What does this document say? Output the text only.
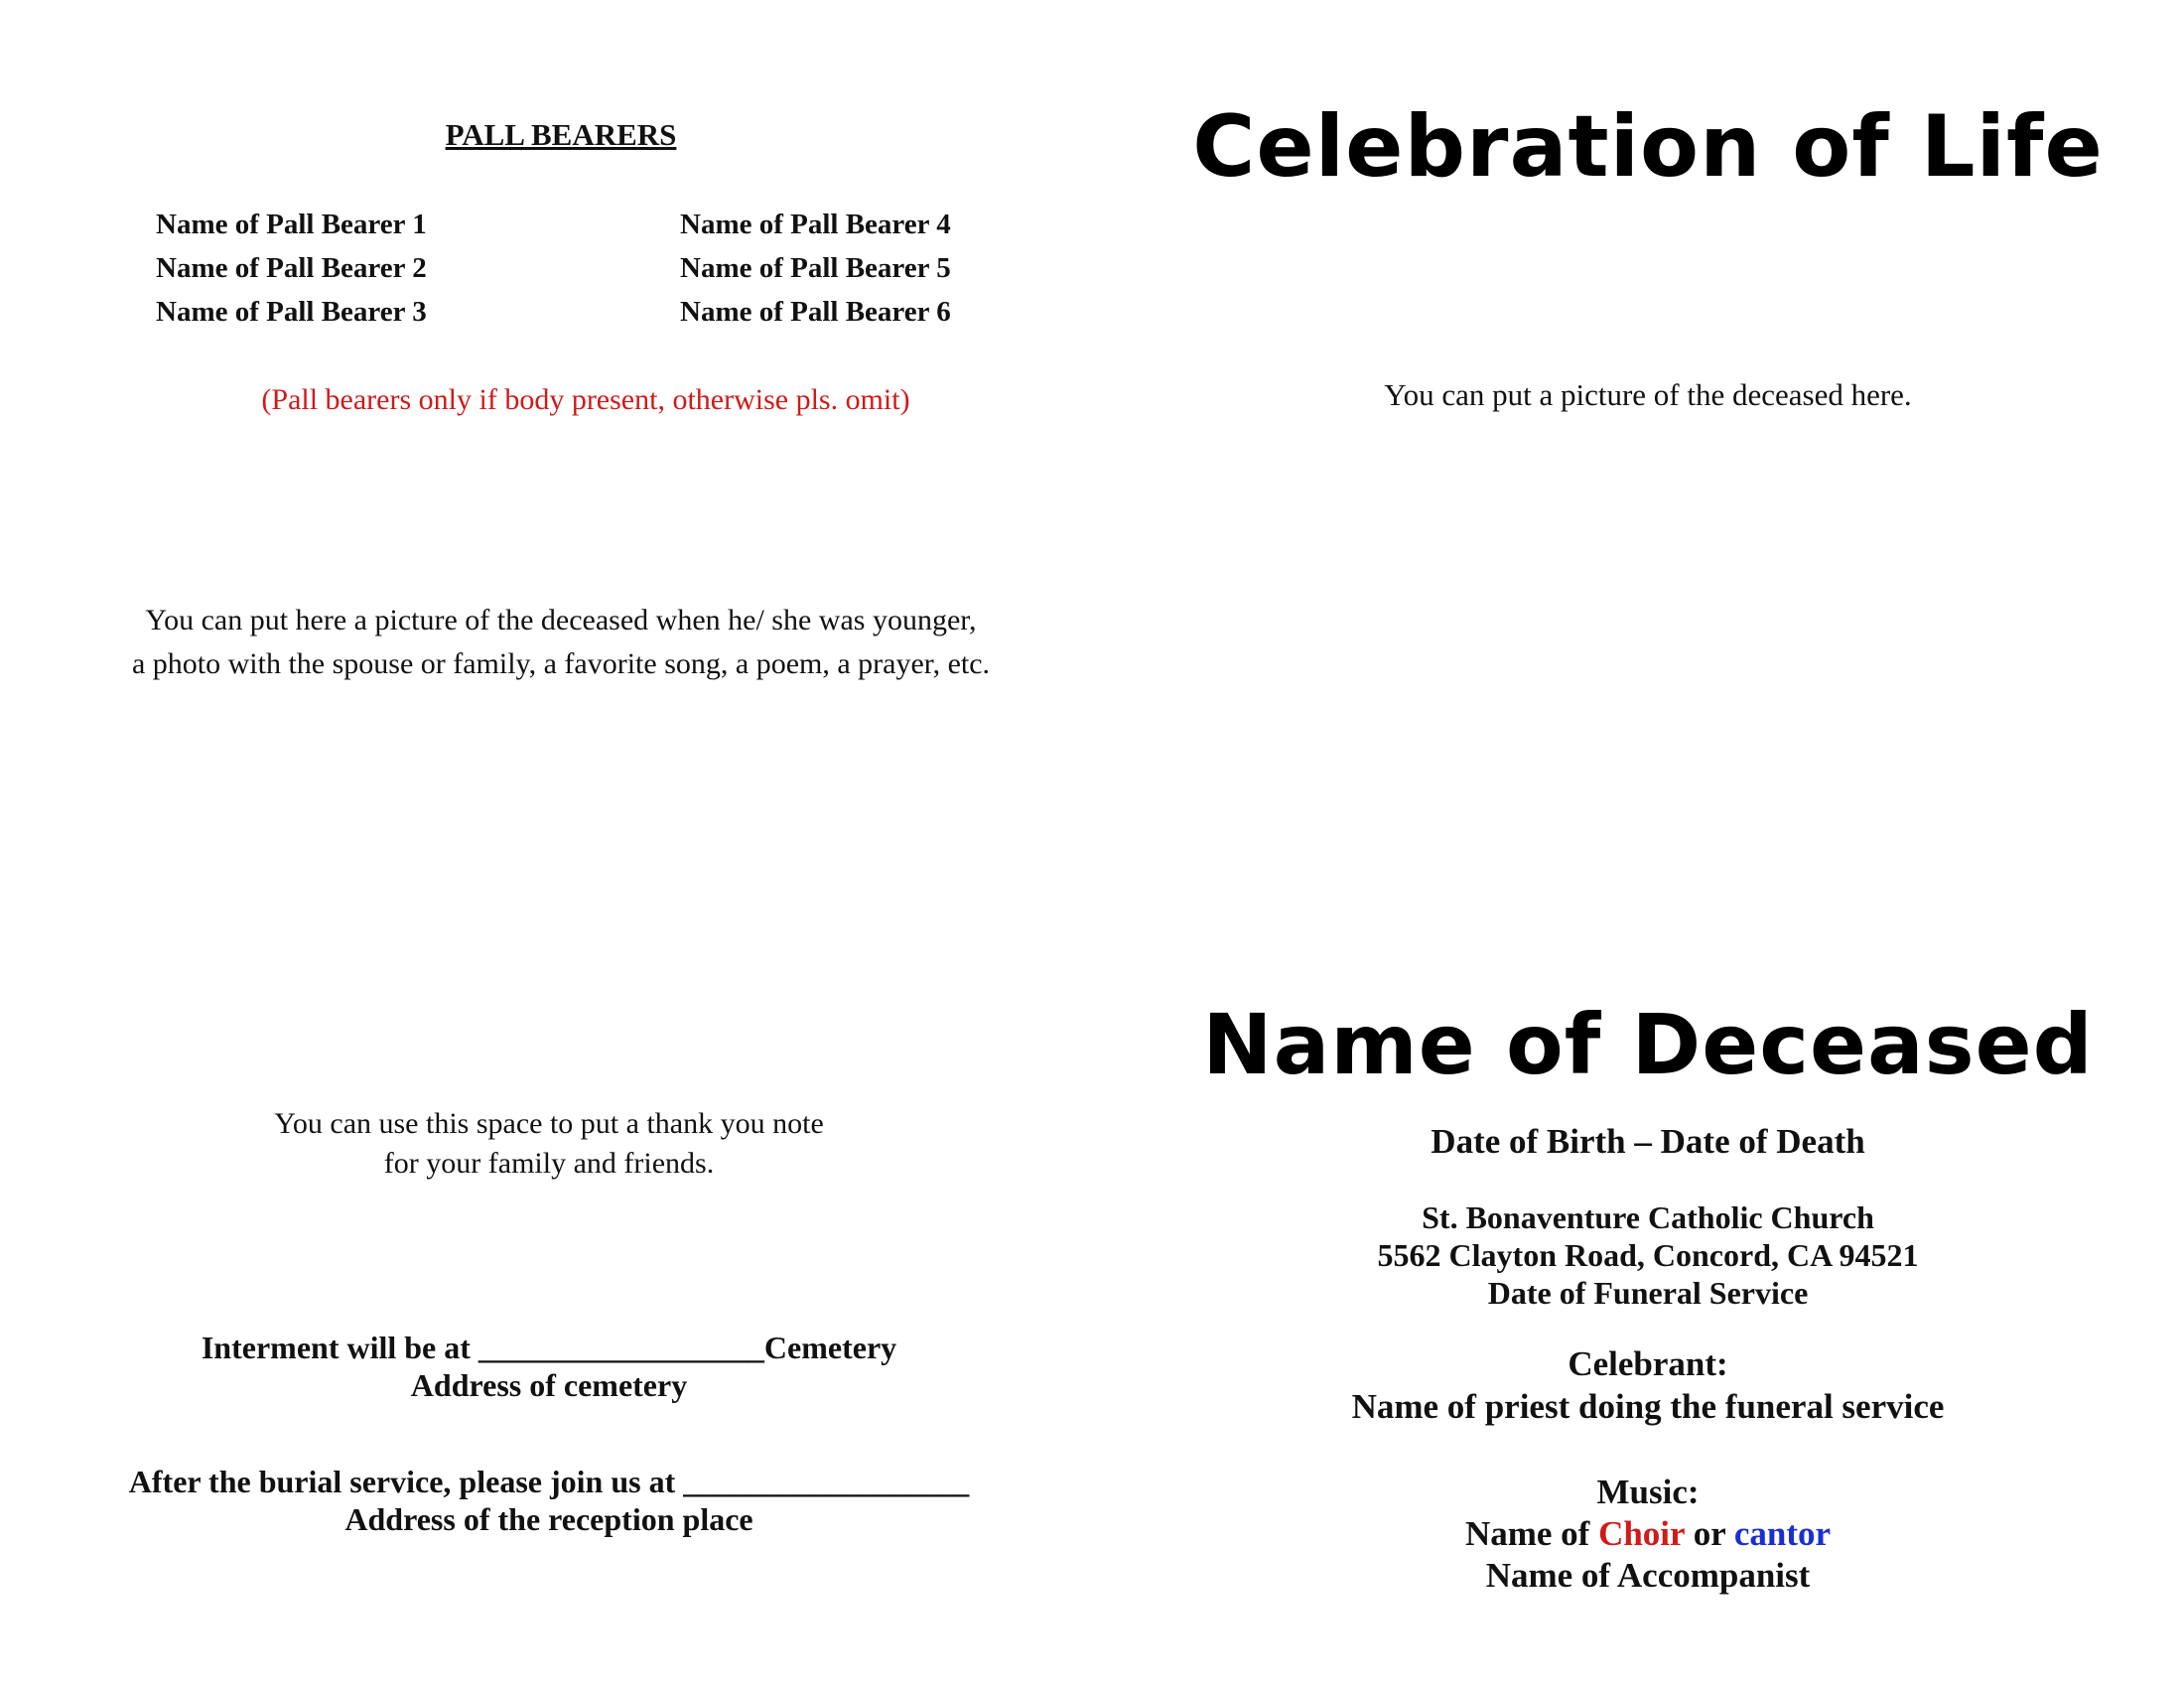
PALL BEARERS
Name of Pall Bearer 1
Name of Pall Bearer 2
Name of Pall Bearer 3
Name of Pall Bearer 4
Name of Pall Bearer 5
Name of Pall Bearer 6
(Pall bearers only if body present, otherwise pls. omit)
You can put here a picture of the deceased when he/ she was younger,
a photo with the spouse or family, a favorite song, a poem, a prayer, etc.
You can use this space to put a thank you note
for your family and friends.
Interment will be at __________________Cemetery
Address of cemetery
After the burial service, please join us at __________________
Address of the reception place
Celebration of Life
You can put a picture of the deceased here.
Name of Deceased
Date of Birth – Date of Death
St. Bonaventure Catholic Church
5562 Clayton Road, Concord, CA 94521
Date of Funeral Service
Celebrant:
Name of priest doing the funeral service
Music:
Name of Choir or cantor
Name of Accompanist
